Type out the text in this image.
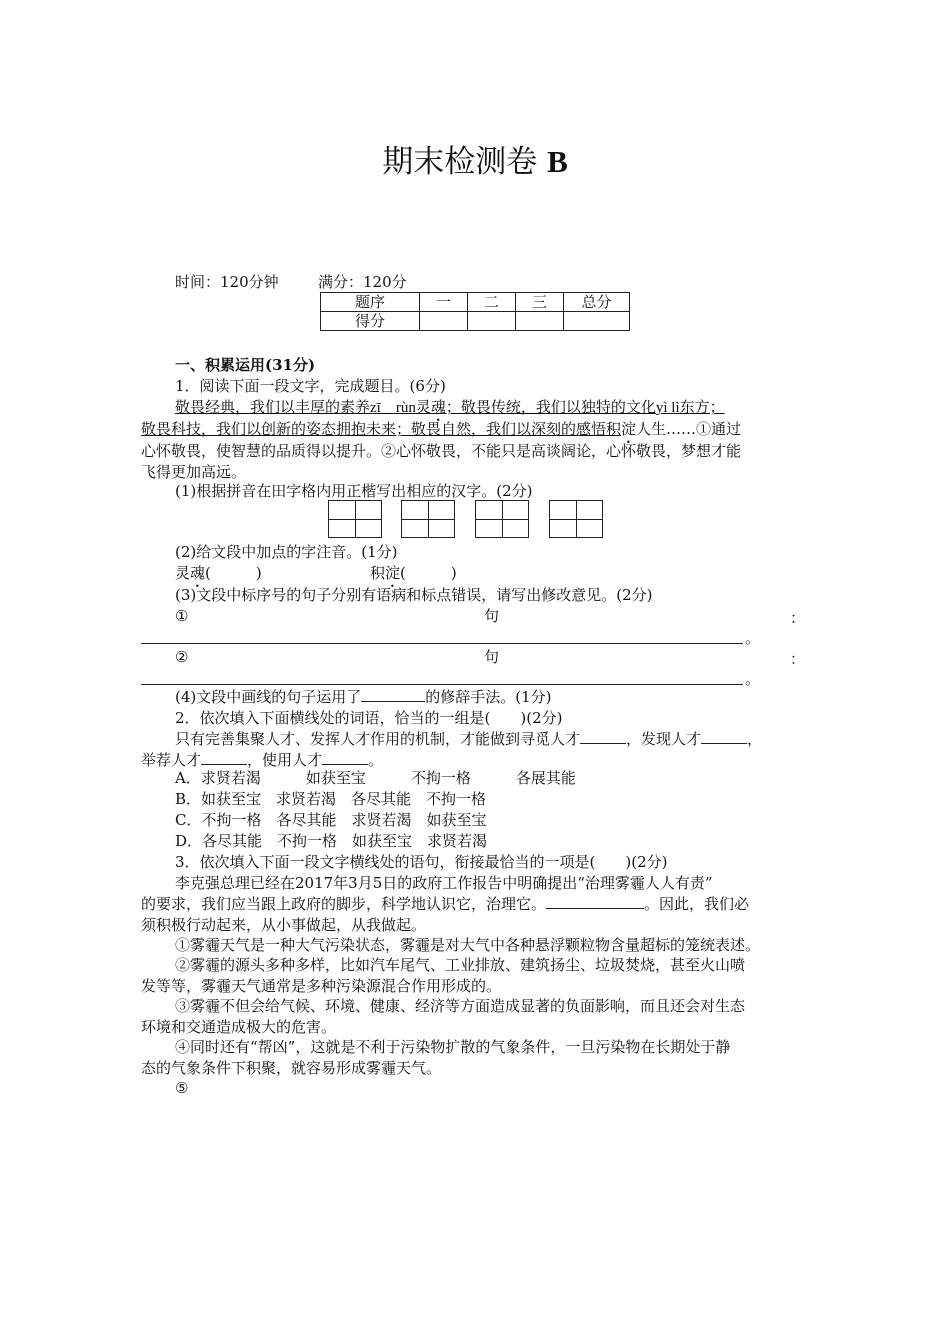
期末检测卷 B
时间：120分钟	满分：120分
题序	一	二	三	总分
得分				
一、积累运用(31分)
1．阅读下面一段文字，完成题目。(6分)
敬畏经典，我们以丰厚的素养zī　rùn灵魂；敬畏传统，我们以独特的文化yì lì东方；
敬畏科技，我们以创新的姿态拥抱未来；敬畏自然，我们以深刻的感悟积淀人生……①通过
心怀敬畏，使智慧的品质得以提升。②心怀敬畏，不能只是高谈阔论，心怀敬畏，梦想才能
飞得更加高远。
(1)根据拼音在田字格内用正楷写出相应的汉字。(2分)
(2)给文段中加点的字注音。(1分)
灵魂(　　　)	积淀(　　　)
(3)文段中标序号的句子分别有语病和标点错误，请写出修改意见。(2分)
①	句	：
。
②	句	：
。
(4)文段中画线的句子运用了	的修辞手法。(1分)
2．依次填入下面横线处的词语，恰当的一组是(　　)(2分)
只有完善集聚人才、发挥人才作用的机制，才能做到寻觅人才	，发现人才	，
举荐人才	，使用人才	。
A．求贤若渴　　　如获至宝　　　不拘一格　　　各展其能
B．如获至宝　求贤若渴　各尽其能　不拘一格
C．不拘一格　各尽其能　求贤若渴　如获至宝
D．各尽其能　不拘一格　如获至宝　求贤若渴
3．依次填入下面一段文字横线处的语句，衔接最恰当的一项是(　　)(2分)
李克强总理已经在2017年3月5日的政府工作报告中明确提出“治理雾霾人人有责”
的要求，我们应当跟上政府的脚步，科学地认识它，治理它。	。因此，我们必
须积极行动起来，从小事做起，从我做起。
①雾霾天气是一种大气污染状态，雾霾是对大气中各种悬浮颗粒物含量超标的笼统表述。
②雾霾的源头多种多样，比如汽车尾气、工业排放、建筑扬尘、垃圾焚烧，甚至火山喷
发等等，雾霾天气通常是多种污染源混合作用形成的。
③雾霾不但会给气候、环境、健康、经济等方面造成显著的负面影响，而且还会对生态
环境和交通造成极大的危害。
④同时还有“帮凶”，这就是不利于污染物扩散的气象条件，一旦污染物在长期处于静
态的气象条件下积聚，就容易形成雾霾天气。
⑤
